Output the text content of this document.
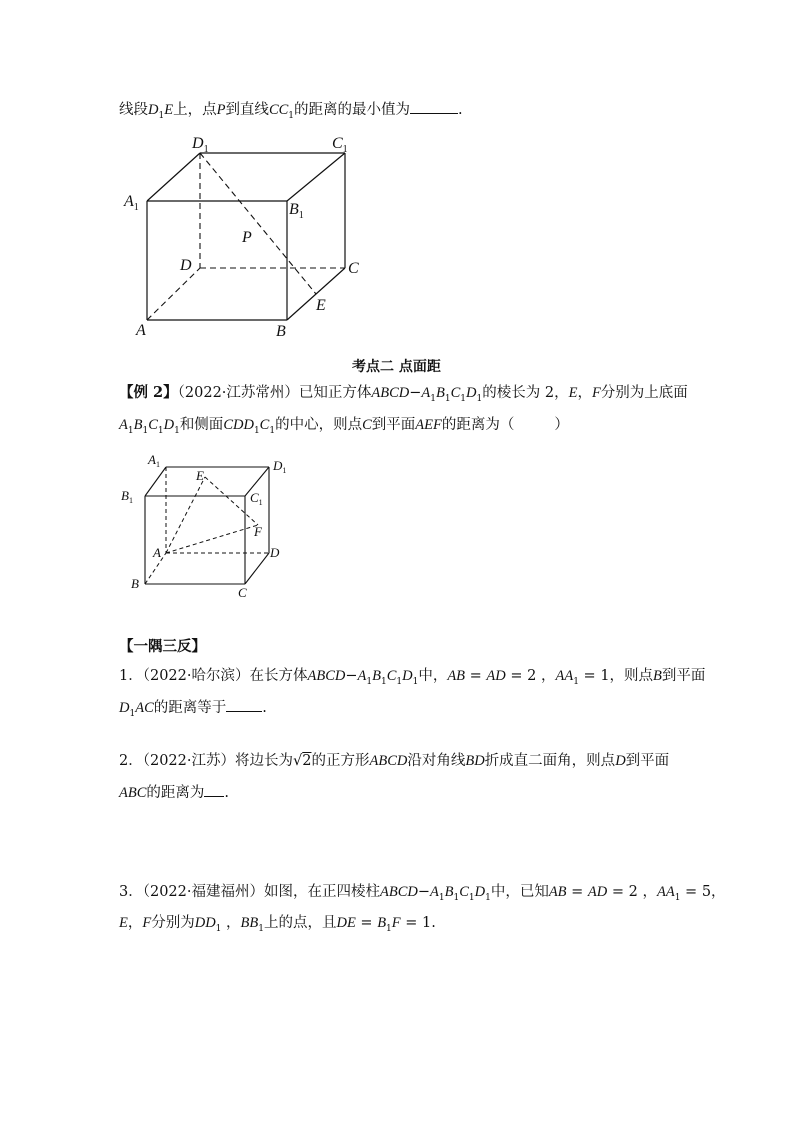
线段$D_1E$上，点P到直线$CC_1$的距离的最小值为	.
$D_1$	$C_1$
$A_1$	$B_1$
P
D	C
E
A	B
考点二 点面距
【例 2】（2022·江苏常州）已知正方体$ABCD-A_1B_1C_1D_1$的棱长为 2，E，F分别为上底面
$A_1B_1C_1D_1$和侧面$CDD_1C_1$的中心，则点C到平面AEF的距离为（	）
$A_1$	$D_1$
$B_1$	$C_1$
E
F
A	D
B
C
【一隅三反】
1．（2022·哈尔滨）在长方体$ABCD-A_1B_1C_1D_1$中，AB = AD = 2 ，$AA_1 = 1$，则点B到平面
$D_1AC$的距离等于 .
2．（2022·江苏）将边长为√2的正方形ABCD沿对角线BD折成直二面角，则点D到平面
ABC的距离为 .
3．（2022·福建福州）如图，在正四棱柱$ABCD-A_1B_1C_1D_1$中，已知AB = AD = 2 ，$AA_1 = 5$，
E，F分别为$DD_1$ ，$BB_1$上的点，且DE = $B_1F = 1$.
